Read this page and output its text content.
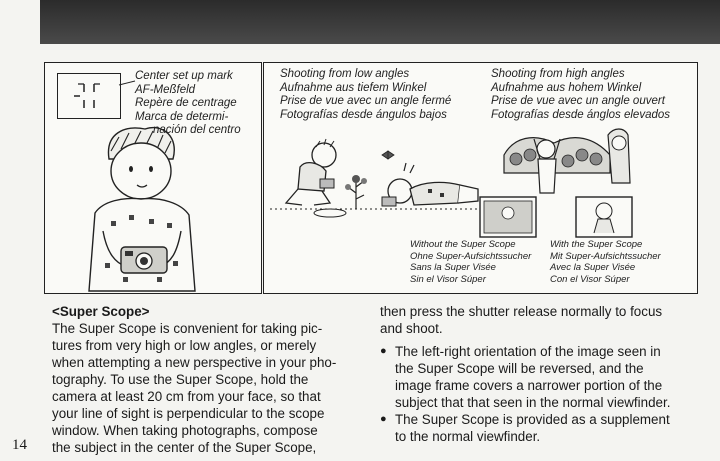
Center set up mark
AF-Meßfeld
Repère de centrage
Marca de determi-
nación del centro
Shooting from low angles
Aufnahme aus tiefem Winkel
Prise de vue avec un angle fermé
Fotografías desde ángulos bajos
Shooting from high angles
Aufnahme aus hohem Winkel
Prise de vue avec un angle ouvert
Fotografías desde ánglos elevados
Without the Super Scope
Ohne Super-Aufsichtssucher
Sans la Super Visée
Sin el Visor Súper
With the Super Scope
Mit Super-Aufsichtssucher
Avec la Super Visée
Con el Visor Súper

<Super Scope>

The Super Scope is convenient for taking pic-

tures from very high or low angles, or merely

when attempting a new perspective in your pho-

tography. To use the Super Scope, hold the

camera at least 20 cm from your face, so that

your line of sight is perpendicular to the scope

window. When taking photographs, compose

the subject in the center of the Super Scope,

then press the shutter release normally to focus

and shoot.

● The left-right orientation of the image seen in

the Super Scope will be reversed, and the

image frame covers a narrower portion of the

subject that that seen in the normal viewfinder.

● The Super Scope is provided as a supplement

to the normal viewfinder.

14
